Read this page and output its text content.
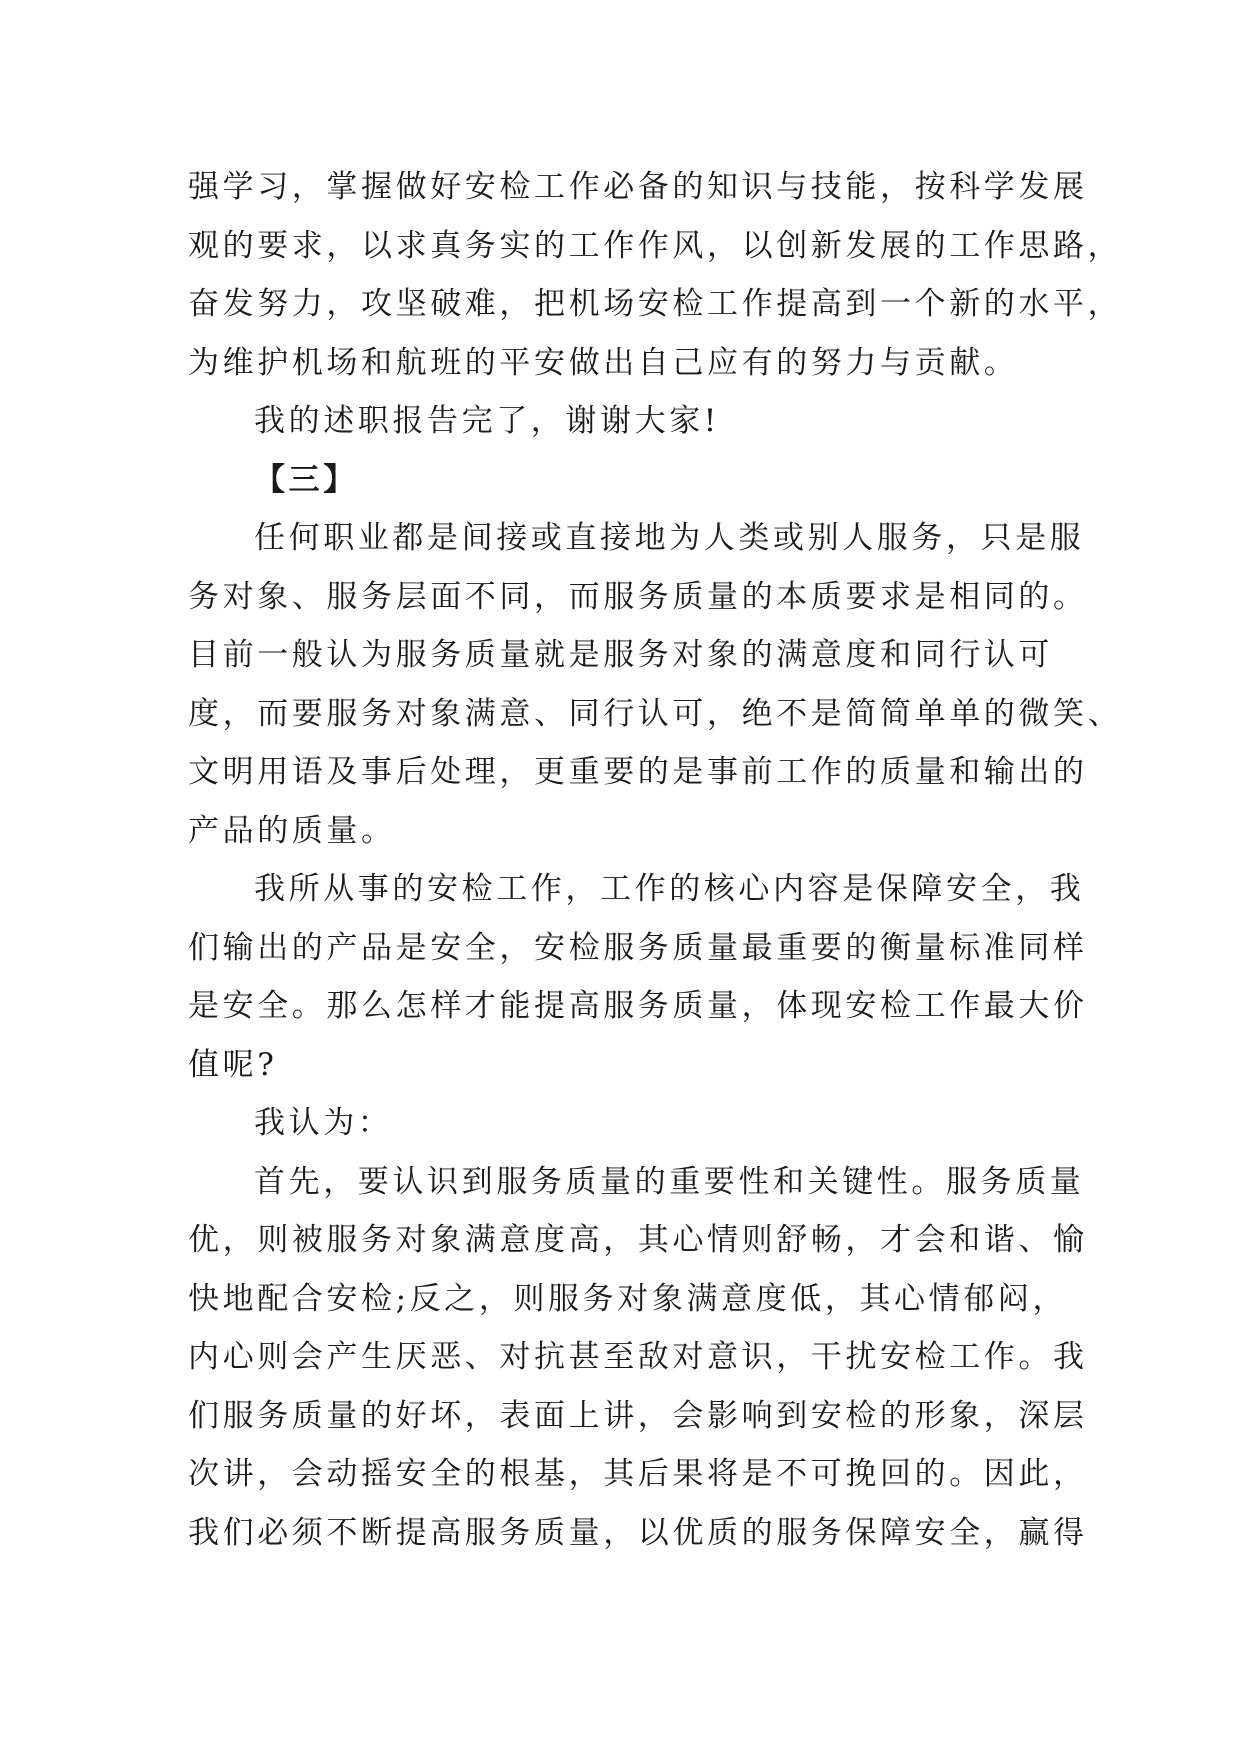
强学习，掌握做好安检工作必备的知识与技能，按科学发展
观的要求，以求真务实的工作作风，以创新发展的工作思路，
奋发努力，攻坚破难，把机场安检工作提高到一个新的水平，
为维护机场和航班的平安做出自己应有的努力与贡献。
我的述职报告完了，谢谢大家!
【三】
任何职业都是间接或直接地为人类或别人服务，只是服
务对象、服务层面不同，而服务质量的本质要求是相同的。
目前一般认为服务质量就是服务对象的满意度和同行认可
度，而要服务对象满意、同行认可，绝不是简简单单的微笑、
文明用语及事后处理，更重要的是事前工作的质量和输出的
产品的质量。
我所从事的安检工作，工作的核心内容是保障安全，我
们输出的产品是安全，安检服务质量最重要的衡量标准同样
是安全。那么怎样才能提高服务质量，体现安检工作最大价
值呢?
我认为：
首先，要认识到服务质量的重要性和关键性。服务质量
优，则被服务对象满意度高，其心情则舒畅，才会和谐、愉
快地配合安检;反之，则服务对象满意度低，其心情郁闷，
内心则会产生厌恶、对抗甚至敌对意识，干扰安检工作。我
们服务质量的好坏，表面上讲，会影响到安检的形象，深层
次讲，会动摇安全的根基，其后果将是不可挽回的。因此，
我们必须不断提高服务质量，以优质的服务保障安全，赢得
